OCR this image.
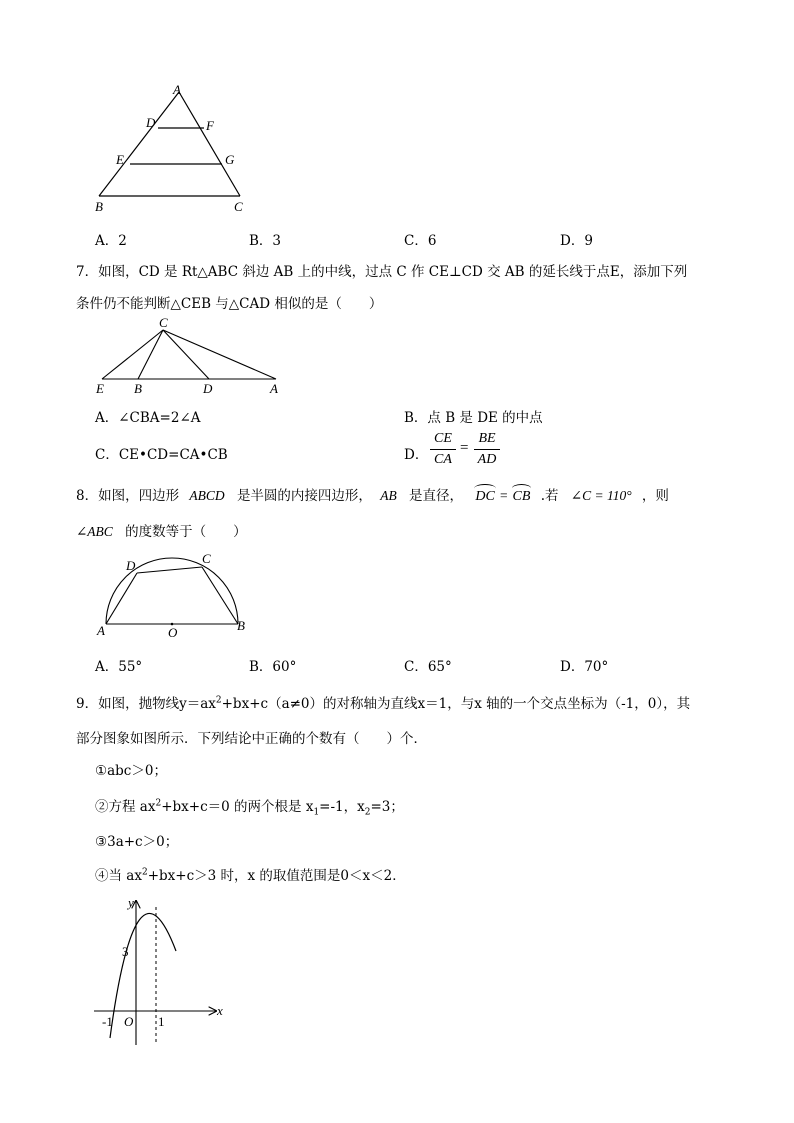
A
D	F
E	G
B	C
A．2	B．3	C．6	D．9
7．如图，CD 是 Rt△ABC 斜边 AB 上的中线，过点 C 作 CE⊥CD 交 AB 的延长线于点E，添加下列
条件仍不能判断△CEB 与△CAD 相似的是（　　）
C
E B	D	A
A．∠CBA=2∠A	B．点 B 是 DE 的中点
C．CE•CD=CA•CB	D．
CE
CA
=
BE
AD
8．如图，四边形 ABCD 是半圆的内接四边形， AB 是直径， DC = CB .若 ∠C = 110° ，则
∠ABC 的度数等于（　　）
D	C
A	O	B
A．55°	B．60°	C．65°	D．70°
9．如图，抛物线$y=ax^2+bx+c(a\ne 0)$的对称轴为直线x＝1，与x 轴的一个交点坐标为（-1，0），其
部分图象如图所示．下列结论中正确的个数有（　　）个．
①abc＞0；
②方程 $ax^2+bx+c=0$ 的两个根是 $x_1=-1$，$x_2=3$；
③3a+c＞0；
④当 $ax^2+bx+c>3$ 时，x 的取值范围是0＜x＜2．
y
x
3
-1 O 1
